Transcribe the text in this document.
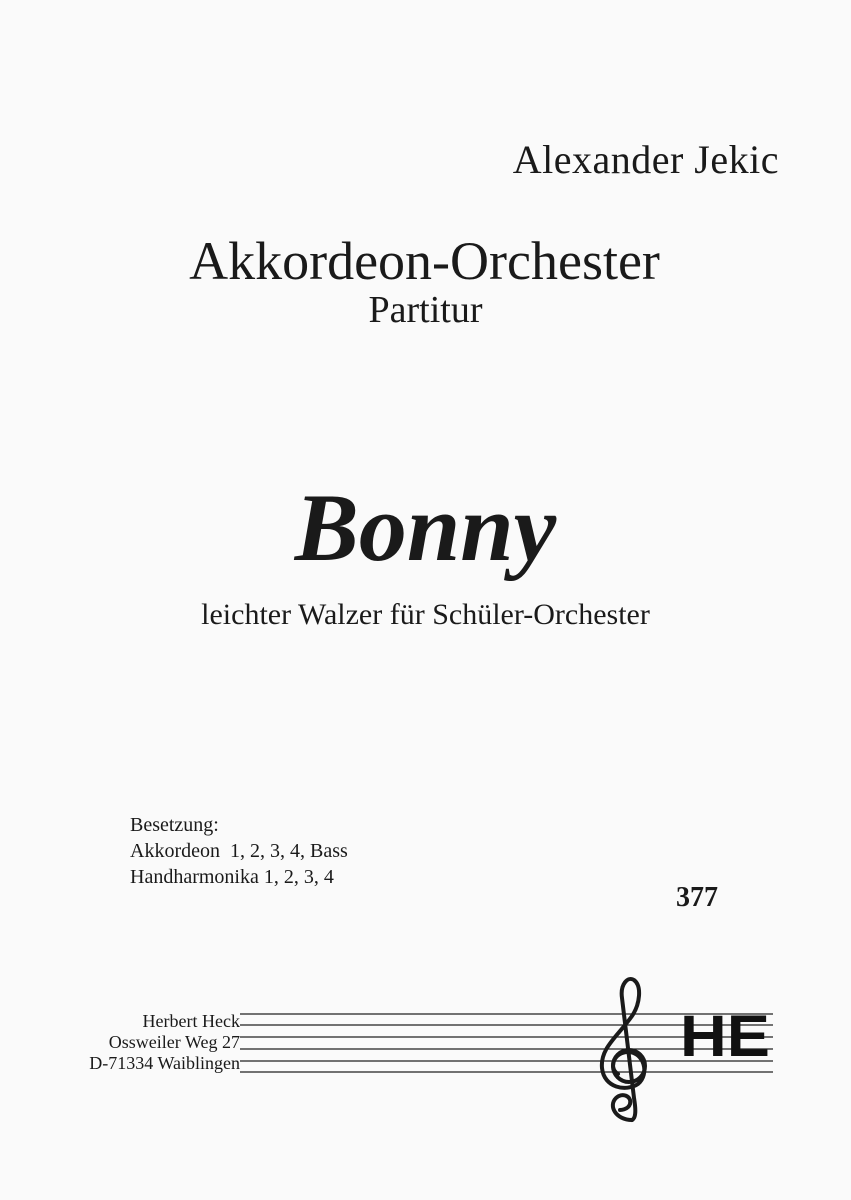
Alexander Jekic
Akkordeon-Orchester
Partitur
Bonny
leichter Walzer für Schüler-Orchester
Besetzung:
Akkordeon  1, 2, 3, 4, Bass
Handharmonika 1, 2, 3, 4
377
Herbert Heck
Ossweiler Weg 27
D-71334 Waiblingen	HE
